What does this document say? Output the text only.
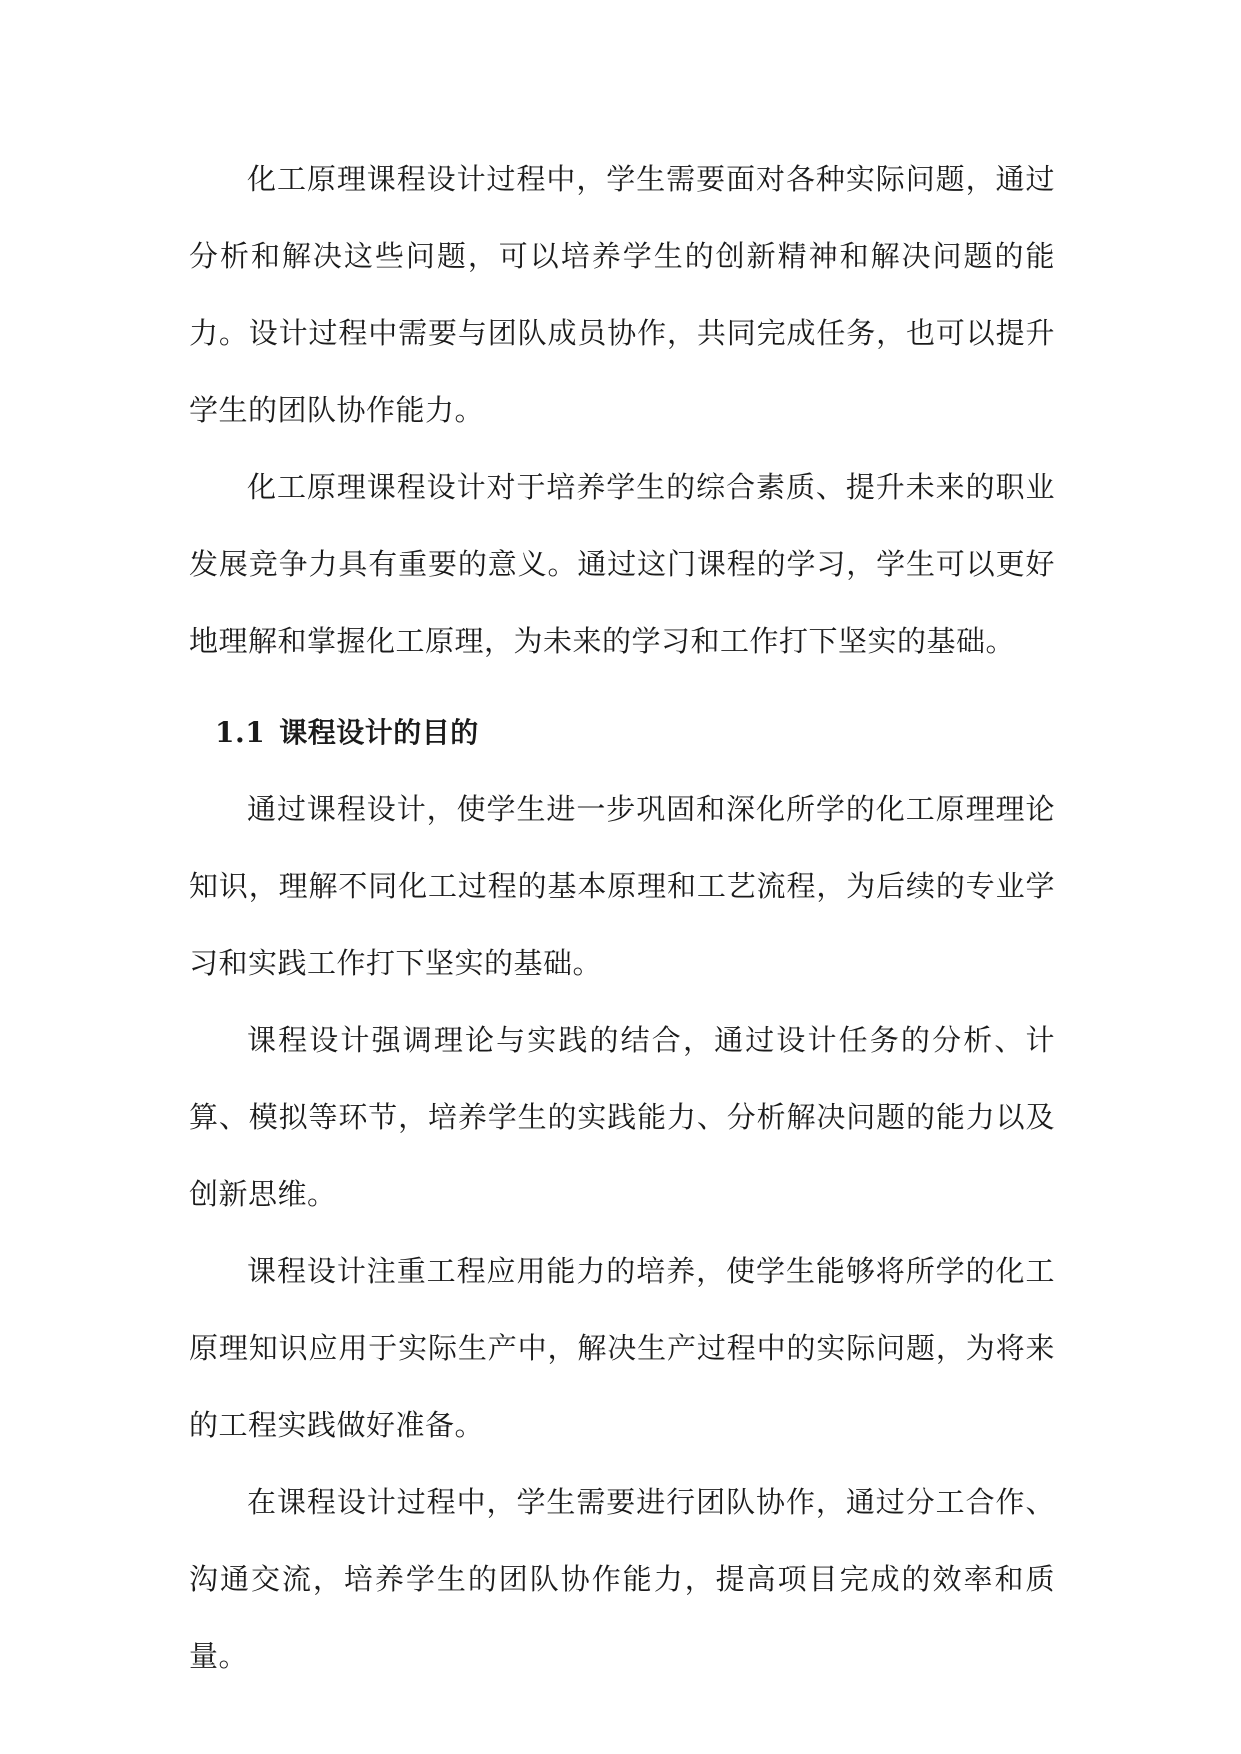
化工原理课程设计过程中，学生需要面对各种实际问题，通过分析和解决这些问题，可以培养学生的创新精神和解决问题的能力。设计过程中需要与团队成员协作，共同完成任务，也可以提升学生的团队协作能力。

化工原理课程设计对于培养学生的综合素质、提升未来的职业发展竞争力具有重要的意义。通过这门课程的学习，学生可以更好地理解和掌握化工原理，为未来的学习和工作打下坚实的基础。

1.1 课程设计的目的

通过课程设计，使学生进一步巩固和深化所学的化工原理理论知识，理解不同化工过程的基本原理和工艺流程，为后续的专业学习和实践工作打下坚实的基础。

课程设计强调理论与实践的结合，通过设计任务的分析、计算、模拟等环节，培养学生的实践能力、分析解决问题的能力以及创新思维。

课程设计注重工程应用能力的培养，使学生能够将所学的化工原理知识应用于实际生产中，解决生产过程中的实际问题，为将来的工程实践做好准备。

在课程设计过程中，学生需要进行团队协作，通过分工合作、沟通交流，培养学生的团队协作能力，提高项目完成的效率和质量。
